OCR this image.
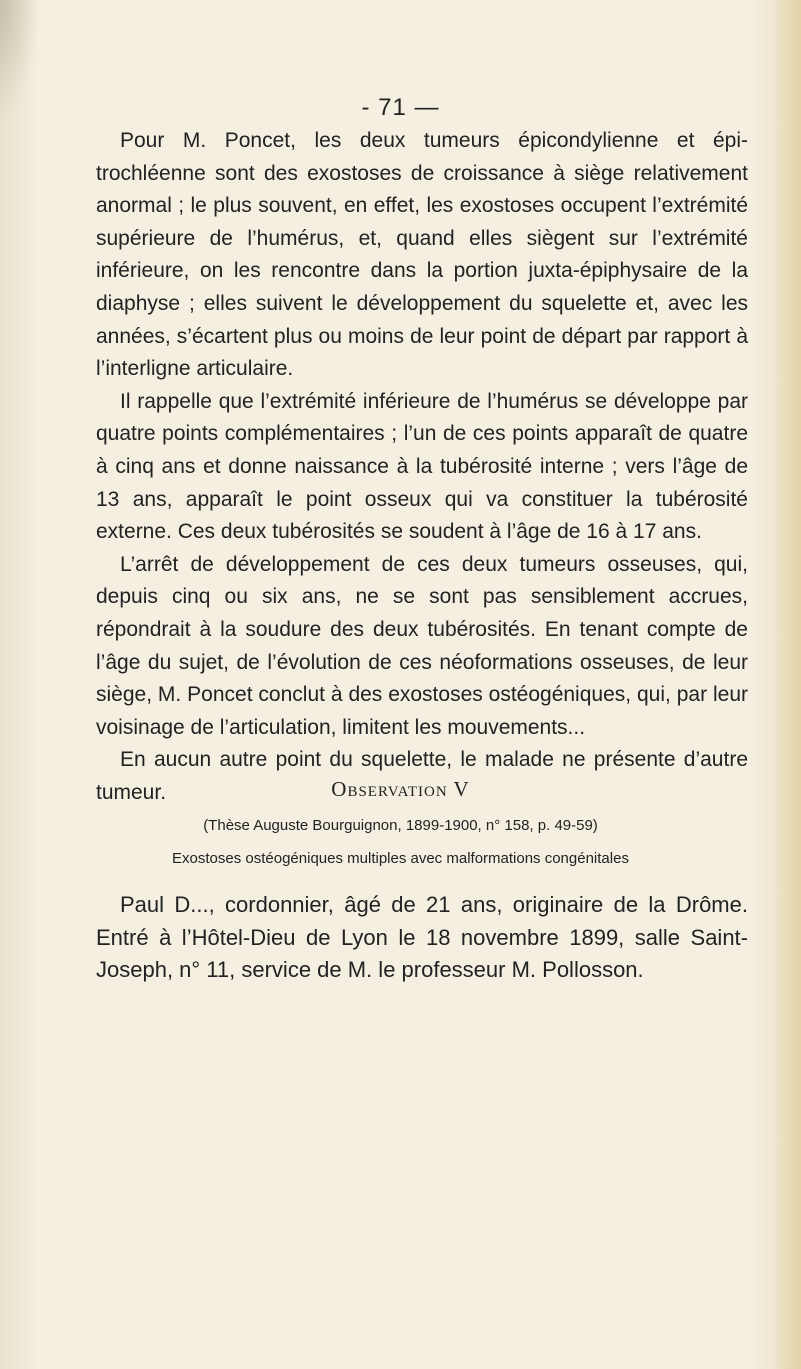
- 71 —

Pour M. Poncet, les deux tumeurs épicondylienne et épi-trochléenne sont des exostoses de croissance à siège relativement anormal ; le plus souvent, en effet, les exostoses occupent l’extrémité supérieure de l’humérus, et, quand elles siègent sur l’extrémité inférieure, on les rencontre dans la portion juxta-épiphysaire de la diaphyse ; elles suivent le développement du squelette et, avec les années, s’écartent plus ou moins de leur point de départ par rapport à l’interligne articulaire.

Il rappelle que l’extrémité inférieure de l’humérus se développe par quatre points complémentaires ; l’un de ces points apparaît de quatre à cinq ans et donne naissance à la tubérosité interne ; vers l’âge de 13 ans, apparaît le point osseux qui va constituer la tubérosité externe. Ces deux tubérosités se soudent à l’âge de 16 à 17 ans.

L’arrêt de développement de ces deux tumeurs osseuses, qui, depuis cinq ou six ans, ne se sont pas sensiblement accrues, répondrait à la soudure des deux tubérosités. En tenant compte de l’âge du sujet, de l’évolution de ces néoformations osseuses, de leur siège, M. Poncet conclut à des exostoses ostéogéniques, qui, par leur voisinage de l’articulation, limitent les mouvements...

En aucun autre point du squelette, le malade ne présente d’autre tumeur.	Observation V
(Thèse Auguste Bourguignon, 1899-1900, n° 158, p. 49-59)
Exostoses ostéogéniques multiples avec malformations congénitales

Paul D..., cordonnier, âgé de 21 ans, originaire de la Drôme. Entré à l’Hôtel-Dieu de Lyon le 18 novembre 1899, salle Saint-Joseph, n° 11, service de M. le professeur M. Pollosson.
